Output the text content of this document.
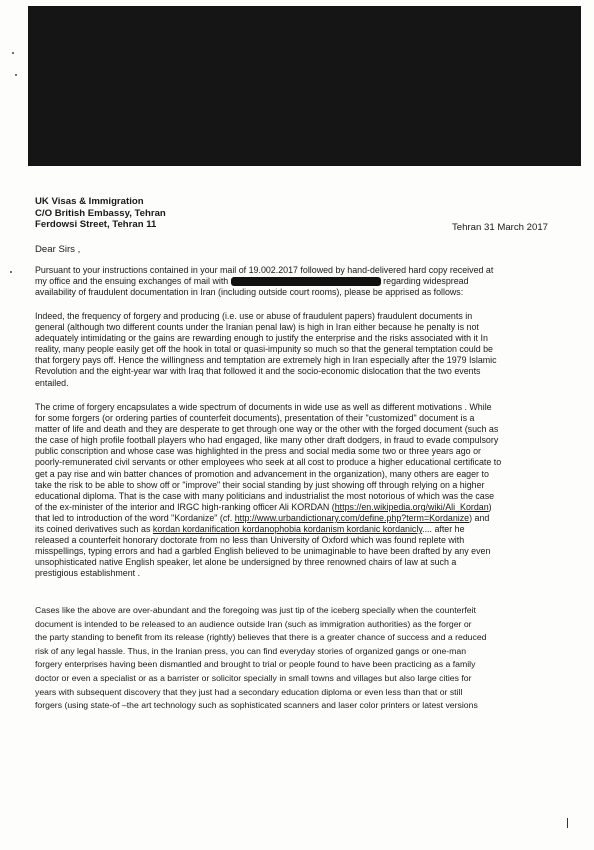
UK Visas & Immigration
C/O British Embassy, Tehran
Ferdowsi Street, Tehran 11	Tehran 31 March 2017
Dear Sirs ,
Pursuant to your instructions contained in your mail of 19.002.2017 followed by hand-delivered hard copy received at
my office and the ensuing exchanges of mail with	regarding widespread
availability of fraudulent documentation in Iran (including outside court rooms), please be apprised as follows:
Indeed, the frequency of forgery and producing (i.e. use or abuse of fraudulent papers) fraudulent documents in
general (although two different counts under the Iranian penal law) is high in Iran either because he penalty is not
adequately intimidating or the gains are rewarding enough to justify the enterprise and the risks associated with it In
reality, many people easily get off the hook in total or quasi-impunity so much so that the general temptation could be
that forgery pays off. Hence the willingness and temptation are extremely high in Iran especially after the 1979 Islamic
Revolution and the eight-year war with Iraq that followed it and the socio-economic dislocation that the two events
entailed.
The crime of forgery encapsulates a wide spectrum of documents in wide use as well as different motivations . While
for some forgers (or ordering parties of counterfeit documents), presentation of their "customized" document is a
matter of life and death and they are desperate to get through one way or the other with the forged document (such as
the case of high profile football players who had engaged, like many other draft dodgers, in fraud to evade compulsory
public conscription and whose case was highlighted in the press and social media some two or three years ago or
poorly-remunerated civil servants or other employees who seek at all cost to produce a higher educational certificate to
get a pay rise and win batter chances of promotion and advancement in the organization), many others are eager to
take the risk to be able to show off or "improve" their social standing by just showing off through relying on a higher
educational diploma. That is the case with many politicians and industrialist the most notorious of which was the case
of the ex-minister of the interior and IRGC high-ranking officer Ali KORDAN (https://en.wikipedia.org/wiki/Ali_Kordan)
that led to introduction of the word "Kordanize" (cf. http://www.urbandictionary.com/define.php?term=Kordanize) and
its coined derivatives such as kordan kordanification kordanophobia kordanism kordanic kordanicly.... after he
released a counterfeit honorary doctorate from no less than University of Oxford which was found replete with
misspellings, typing errors and had a garbled English believed to be unimaginable to have been drafted by any even
unsophisticated native English speaker, let alone be undersigned by three renowned chairs of law at such a
prestigious establishment .
Cases like the above are over-abundant and the foregoing was just tip of the iceberg specially when the counterfeit
document is intended to be released to an audience outside Iran (such as immigration authorities) as the forger or
the party standing to benefit from its release (rightly) believes that there is a greater chance of success and a reduced
risk of any legal hassle. Thus, in the Iranian press, you can find everyday stories of organized gangs or one-man
forgery enterprises having been dismantled and brought to trial or people found to have been practicing as a family
doctor or even a specialist or as a barrister or solicitor specially in small towns and villages but also large cities for
years with subsequent discovery that they just had a secondary education diploma or even less than that or still
forgers (using state-of –the art technology such as sophisticated scanners and laser color printers or latest versions
